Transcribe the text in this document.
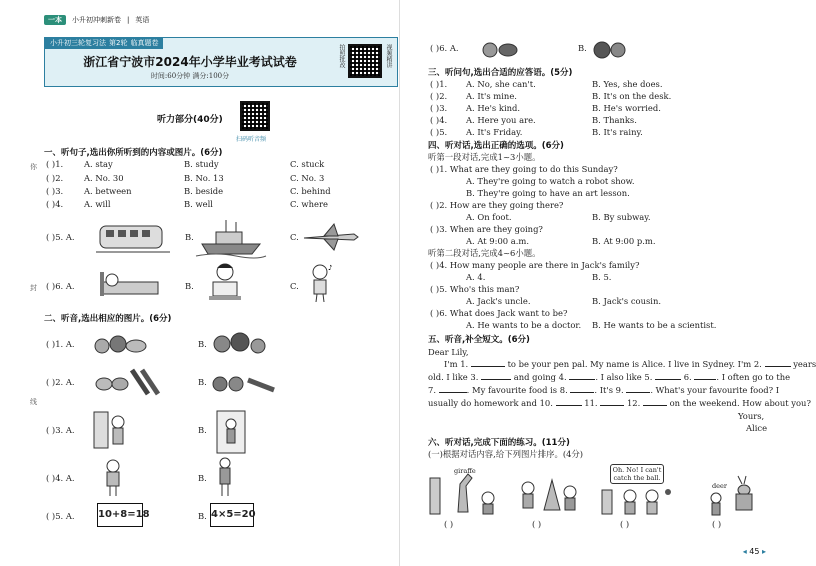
一本	小升初冲刺新卷 | 英语
小升初三轮复习法 第2轮 临真题卷
浙江省宁波市2024年小学毕业考试试卷
时间:60分钟 满分:100分
拍照批改	视频精讲
听力部分(40分)
扫码听音频
一、听句子,选出你所听到的内容或图片。(6分)
你 ( )1. A. stay	B. study	C. stuck
( )2. A. No. 30	B. No. 13	C. No. 3
( )3. A. between	B. beside	C. behind
( )4. A. will	B. well	C. where
( )5. A.	B.	C.
( )6. A.	B.	C.
♪
封
二、听音,选出相应的图片。(6分)
( )1. A.	B.
( )2. A.	B.
( )3. A.	B.
( )4. A.	B.
( )5. A. 10+8=18	B. 4×5=20
线
( )6. A.	B.
三、听问句,选出合适的应答语。(5分)
( )1. A. No, she can't.	B. Yes, she does.
( )2. A. It's mine.	B. It's on the desk.
( )3. A. He's kind.	B. He's worried.
( )4. A. Here you are.	B. Thanks.
( )5. A. It's Friday.	B. It's rainy.
四、听对话,选出正确的选项。(6分)
听第一段对话,完成1~3小题。
( )1. What are they going to do this Sunday?
A. They're going to watch a robot show.
B. They're going to have an art lesson.
( )2. How are they going there?
A. On foot.	B. By subway.
( )3. When are they going?
A. At 9:00 a.m.	B. At 9:00 p.m.
听第二段对话,完成4~6小题。
( )4. How many people are there in Jack's family?
A. 4.	B. 5.
( )5. Who's this man?
A. Jack's uncle.	B. Jack's cousin.
( )6. What does Jack want to be?
A. He wants to be a doctor. B. He wants to be a scientist.
五、听音,补全短文。(6分)
Dear Lily,
I'm 1.	to be your pen pal. My name is Alice. I live in Sydney. I'm 2.	years
old. I like 3.	and going 4.	. I also like 5.	6.	. I often go to the
7.	. My favourite food is 8.	. It's 9.	. What's your favourite food? I
usually do homework and 10.	11.	12.	on the weekend. How about you?
Yours,
Alice
六、听对话,完成下面的练习。(11分)
(一)根据对话内容,给下列图片排序。(4分)
giraffe
( )	( )
Oh. No! I can't catch the ball.
( )
deer
( )
◂ 45 ▸
